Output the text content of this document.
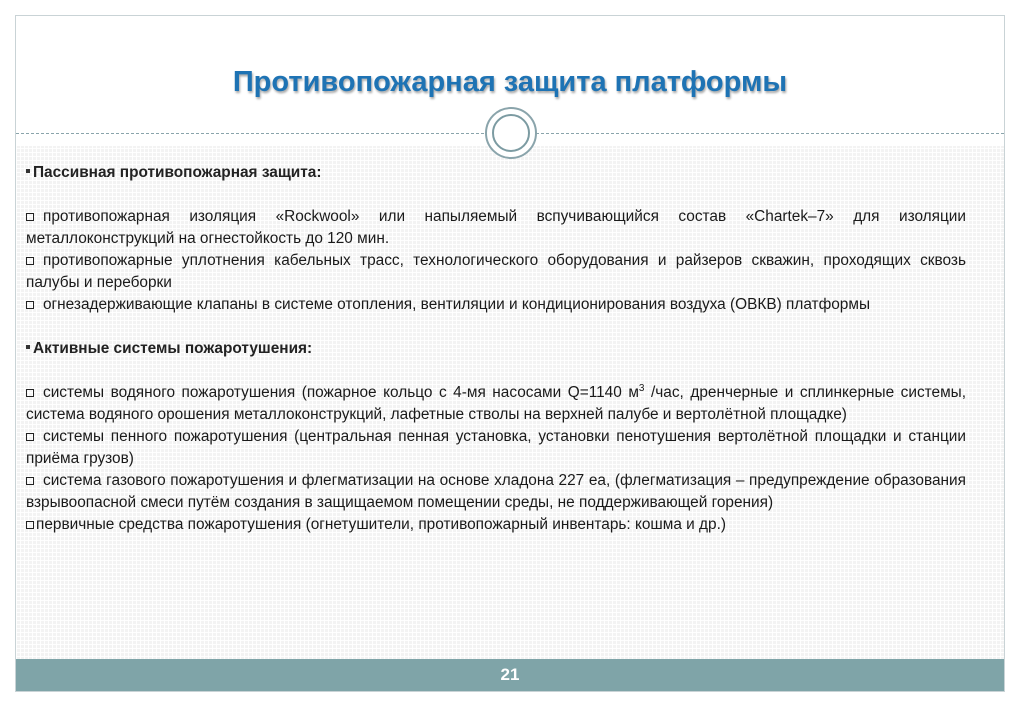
Противопожарная защита платформы
21

Пассивная противопожарная защита:

противопожарная изоляция «Rockwool» или напыляемый вспучивающийся состав «Chartek–7» для изоляции металлоконструкций на огнестойкость до 120 мин.

противопожарные уплотнения кабельных трасс, технологического оборудования и райзеров скважин, проходящих сквозь палубы и переборки

огнезадерживающие клапаны в системе отопления, вентиляции и кондиционирования воздуха (ОВКВ) платформы

Активные системы пожаротушения:

системы водяного пожаротушения (пожарное кольцо с 4-мя насосами Q=1140 $м^3$ /час, дренчерные и сплинкерные системы, система водяного орошения металлоконструкций, лафетные стволы на верхней палубе и вертолётной площадке)

системы пенного пожаротушения (центральная пенная установка, установки пенотушения вертолётной площадки и станции приёма грузов)

система газового пожаротушения и флегматизации на основе хладона 227 еа, (флегматизация – предупреждение образования взрывоопасной смеси путём создания в защищаемом помещении среды, не поддерживающей горения)

первичные средства пожаротушения (огнетушители, противопожарный инвентарь: кошма и др.)
